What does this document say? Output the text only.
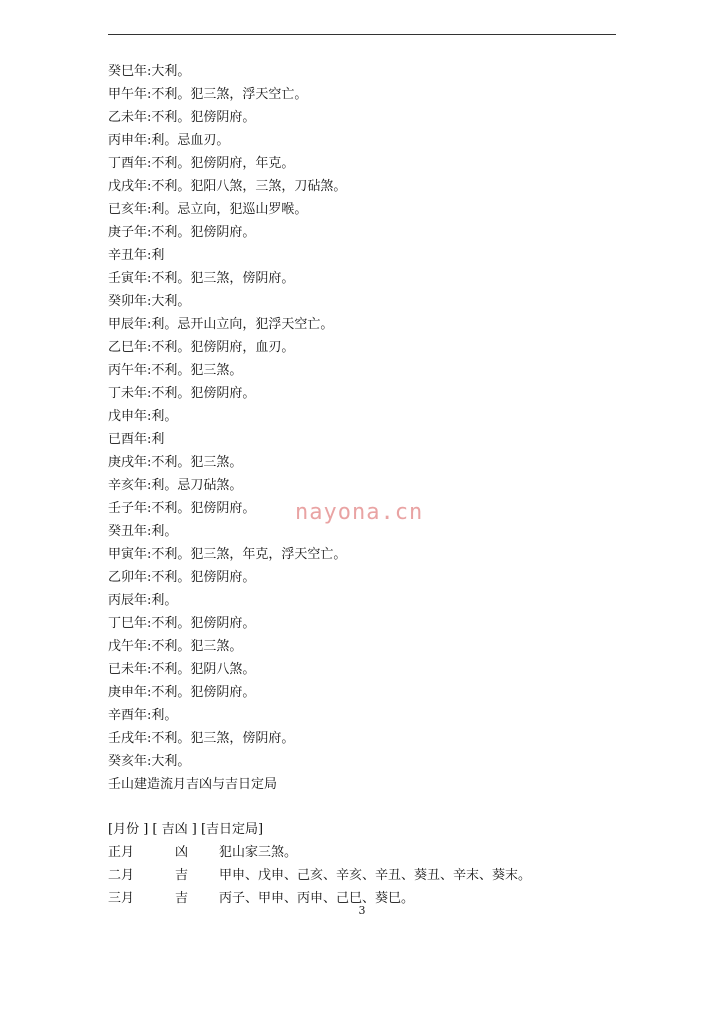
癸巳年:大利。
甲午年:不利。犯三煞，浮天空亡。
乙未年:不利。犯傍阴府。
丙申年:利。忌血刃。
丁酉年:不利。犯傍阴府，年克。
戊戌年:不利。犯阳八煞，三煞，刀砧煞。
已亥年:利。忌立向，犯巡山罗喉。
庚子年:不利。犯傍阴府。
辛丑年:利
壬寅年:不利。犯三煞，傍阴府。
癸卯年:大利。
甲辰年:利。忌开山立向，犯浮天空亡。
乙巳年:不利。犯傍阴府，血刃。
丙午年:不利。犯三煞。
丁未年:不利。犯傍阴府。
戊申年:利。
已酉年:利
庚戌年:不利。犯三煞。
辛亥年:利。忌刀砧煞。
壬子年:不利。犯傍阴府。
癸丑年:利。
甲寅年:不利。犯三煞，年克，浮天空亡。
乙卯年:不利。犯傍阴府。
丙辰年:利。
丁巳年:不利。犯傍阴府。
戊午年:不利。犯三煞。
已未年:不利。犯阴八煞。
庚申年:不利。犯傍阴府。
辛酉年:利。
壬戌年:不利。犯三煞，傍阴府。
癸亥年:大利。
壬山建造流月吉凶与吉日定局
[月份 ] [ 吉凶 ] [吉日定局]
正月	凶 犯山家三煞。
二月	吉 甲申、戊申、己亥、辛亥、辛丑、葵丑、辛末、葵末。
三月	吉 丙子、甲申、丙申、己巳、葵巳。
nayona.cn
3
